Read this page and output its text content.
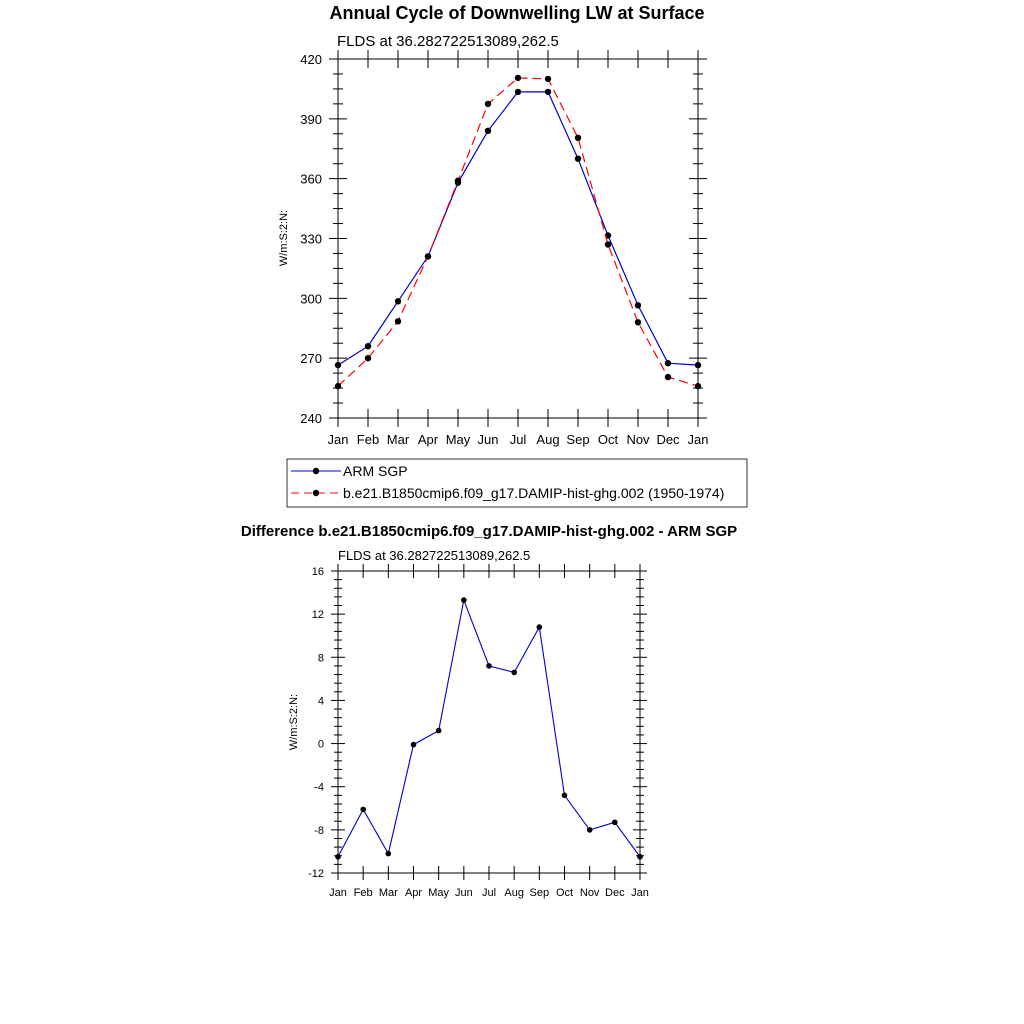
Annual Cycle of Downwelling LW at Surface
FLDS at 36.282722513089,262.5
W/m:S:2:N:
240
270
300
330
360
390
420
Jan Feb Mar Apr May Jun Jul Aug Sep Oct Nov Dec Jan
ARM SGP
b.e21.B1850cmip6.f09_g17.DAMIP-hist-ghg.002 (1950-1974)
Difference b.e21.B1850cmip6.f09_g17.DAMIP-hist-ghg.002 - ARM SGP
FLDS at 36.282722513089,262.5
W/m:S:2:N:
-12
-8
-4
0
4
8
12
16
Jan Feb Mar Apr May Jun Jul Aug Sep Oct Nov Dec Jan
